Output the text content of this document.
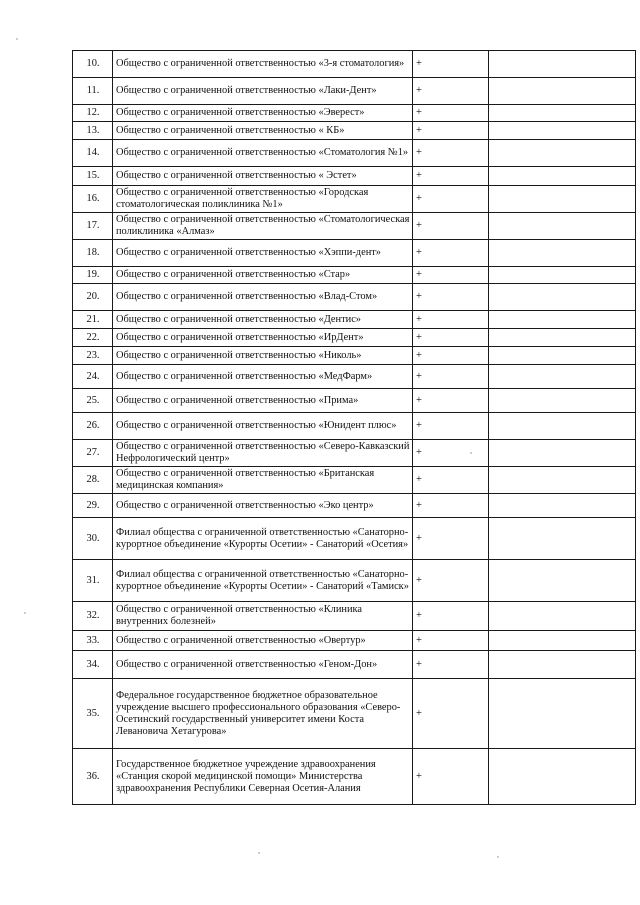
10.	Общество с ограниченной ответственностью «3-я стоматология»	+	
11.	Общество с ограниченной ответственностью «Лаки-Дент»	+	
12.	Общество с ограниченной ответственностью «Эверест»	+	
13.	Общество с ограниченной ответственностью « КБ»	+	
14.	Общество с ограниченной ответственностью «Стоматология №1»	+	
15.	Общество с ограниченной ответственностью « Эстет»	+	
16.	Общество с ограниченной ответственностью «Городская стоматологическая поликлиника №1»	+	
17.	Общество с ограниченной ответственностью «Стоматологическая поликлиника «Алмаз»	+	
18.	Общество с ограниченной ответственностью «Хэппи-дент»	+	
19.	Общество с ограниченной ответственностью «Стар»	+	
20.	Общество с ограниченной ответственностью «Влад-Стом»	+	
21.	Общество с ограниченной ответственностью «Дентис»	+	
22.	Общество с ограниченной ответственностью «ИрДент»	+	
23.	Общество с ограниченной ответственностью «Николь»	+	
24.	Общество с ограниченной ответственностью «МедФарм»	+	
25.	Общество с ограниченной ответственностью «Прима»	+	
26.	Общество с ограниченной ответственностью «Юнидент плюс»	+	
27.	Общество с ограниченной ответственностью «Северо-Кавказский Нефрологический центр»	+	
28.	Общество с ограниченной ответственностью «Британская медицинская компания»	+	
29.	Общество с ограниченной ответственностью «Эко центр»	+	
30.	Филиал общества с ограниченной ответственностью «Санаторно-курортное объединение «Курорты Осетии» - Санаторий «Осетия»	+	
31.	Филиал общества с ограниченной ответственностью «Санаторно-курортное объединение «Курорты Осетии» - Санаторий «Тамиск»	+	
32.	Общество с ограниченной ответственностью «Клиника внутренних болезней»	+	
33.	Общество с ограниченной ответственностью «Овертур»	+	
34.	Общество с ограниченной ответственностью «Геном-Дон»	+	
35.	Федеральное государственное бюджетное образовательное учреждение высшего профессионального образования «Северо-Осетинский государственный университет имени Коста Левановича Хетагурова»	+	
36.	Государственное бюджетное учреждение здравоохранения «Станция скорой медицинской помощи» Министерства здравоохранения Республики Северная Осетия-Алания	+	
